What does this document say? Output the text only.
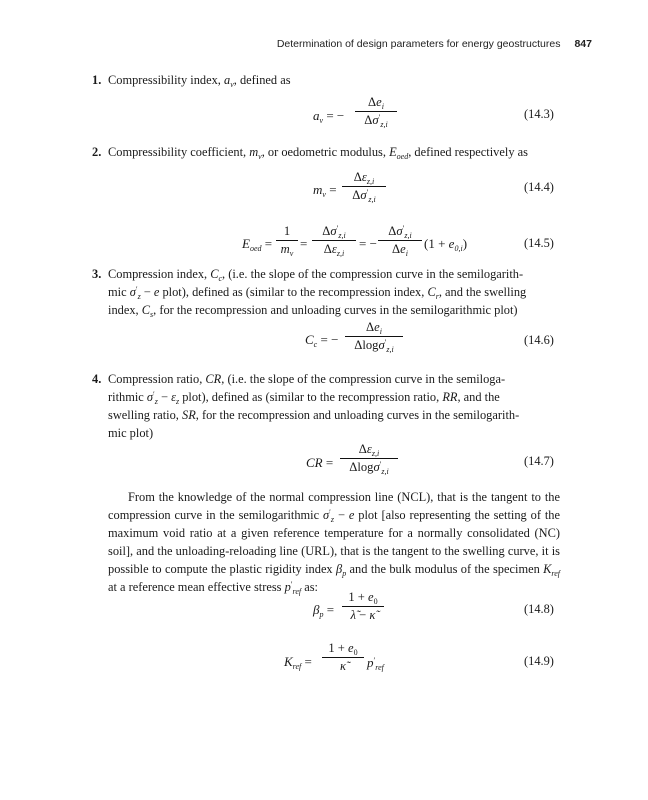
Determination of design parameters for energy geostructures 847
1. Compressibility index, $a_v$, defined as
$a_v$ = −
$\Delta e_i$
$\Delta\sigma'_{z,i}$
(14.3)
2. Compressibility coefficient, $m_v$, or oedometric modulus, $E_{oed}$, defined respectively as
$m_v$ =
$\Delta\varepsilon_{z,i}$
$\Delta\sigma'_{z,i}$
(14.4)
$E_{oed}$ =
1
$m_v$
=
$\Delta\sigma'_{z,i}$
$\Delta\varepsilon_{z,i}$
= −
$\Delta\sigma'_{z,i}$
$\Delta e_i$
$(1 + e_{0,i})$	(14.5)
3. Compression index, $C_c$, (i.e. the slope of the compression curve in the semilogarith-
mic $\sigma'_z - e$ plot), defined as (similar to the recompression index, $C_r$, and the swelling
index, $C_s$, for the recompression and unloading curves in the semilogarithmic plot)
$C_c$ = −
$\Delta e_i$
Δlogσ′$_{z,i}$
(14.6)
4. Compression ratio, CR, (i.e. the slope of the compression curve in the semiloga-
rithmic $\sigma'_z - \varepsilon_z$ plot), defined as (similar to the recompression ratio, RR, and the
swelling ratio, SR, for the recompression and unloading curves in the semilogarith-
mic plot)
CR =
$\Delta\varepsilon_{z,i}$
Δlogσ′$_{z,i}$
(14.7)
From the knowledge of the normal compression line (NCL), that is the tangent to the compression curve in the semilogarithmic $\sigma'_z - e$ plot [also representing the setting of the maximum void ratio at a given reference temperature for a normally consolidated (NC) soil], and the unloading-reloading line (URL), that is the tangent to the swelling curve, it is possible to compute the plastic rigidity index $\beta_p$ and the bulk modulus of the specimen $K_{ref}$ at a reference mean effective stress $p'_{ref}$ as:
$\beta_p$ =
$1 + e_0$
λ̃ − κ̃	(14.8)
$K_{ref}$ =
$1 + e_0$
κ̃	$p'_{ref}$	(14.9)
